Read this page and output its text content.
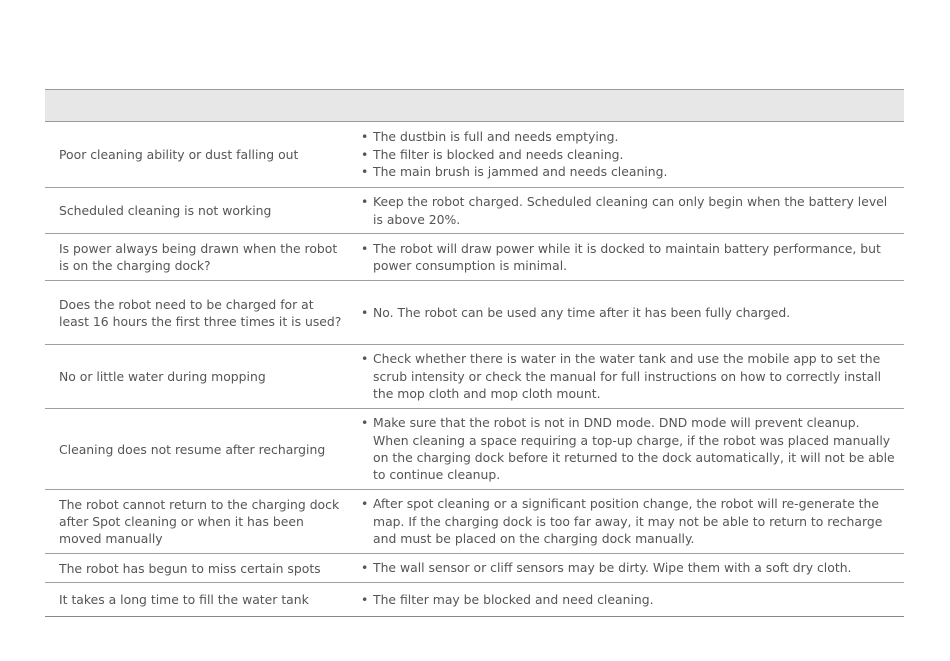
Poor cleaning ability or dust falling out
• The dustbin is full and needs emptying.
• The filter is blocked and needs cleaning.
• The main brush is jammed and needs cleaning.
Scheduled cleaning is not working
• Keep the robot charged. Scheduled cleaning can only begin when the battery level is above 20%.
Is power always being drawn when the robot is on the charging dock?
• The robot will draw power while it is docked to maintain battery performance, but power consumption is minimal.
Does the robot need to be charged for at least 16 hours the first three times it is used?
• No. The robot can be used any time after it has been fully charged.
No or little water during mopping
• Check whether there is water in the water tank and use the mobile app to set the scrub intensity or check the manual for full instructions on how to correctly install the mop cloth and mop cloth mount.
Cleaning does not resume after recharging
• Make sure that the robot is not in DND mode. DND mode will prevent cleanup. When cleaning a space requiring a top-up charge, if the robot was placed manually on the charging dock before it returned to the dock automatically, it will not be able to continue cleanup.
The robot cannot return to the charging dock after Spot cleaning or when it has been moved manually
• After spot cleaning or a significant position change, the robot will re-generate the map. If the charging dock is too far away, it may not be able to return to recharge and must be placed on the charging dock manually.
The robot has begun to miss certain spots	• The wall sensor or cliff sensors may be dirty. Wipe them with a soft dry cloth.
It takes a long time to fill the water tank	• The filter may be blocked and need cleaning.
